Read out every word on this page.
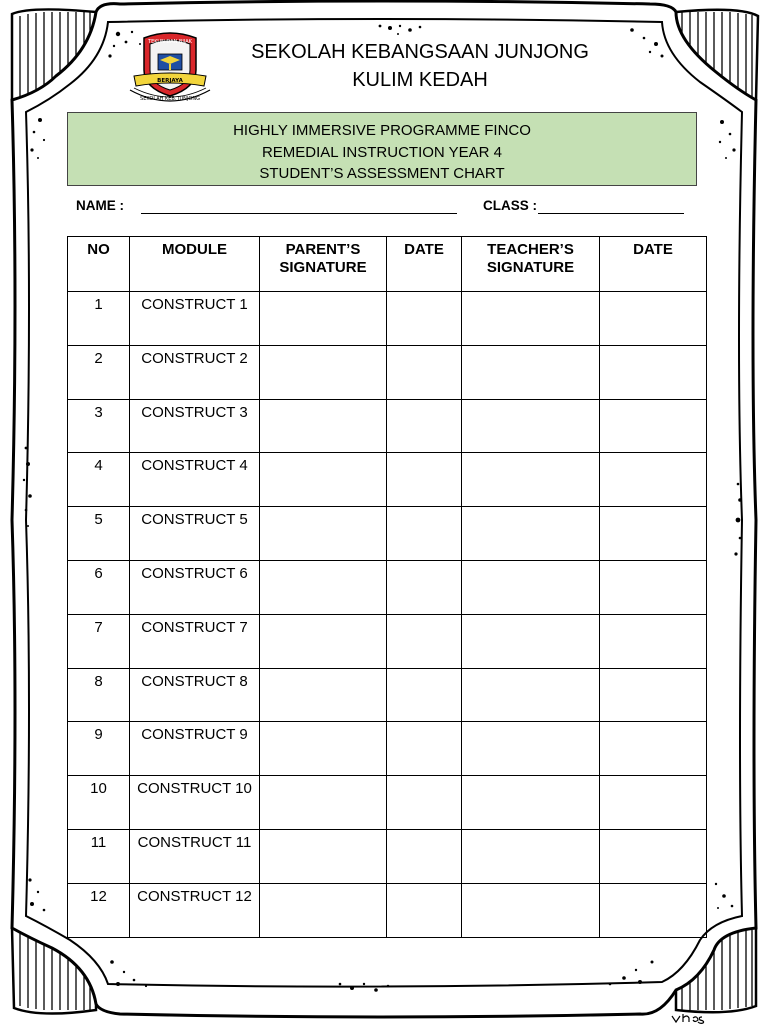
TEKUN DAN BIJAK
BERJAYA
SEKOLAH KEB. JUNJONG
SEKOLAH KEBANGSAAN JUNJONG
KULIM KEDAH
HIGHLY IMMERSIVE PROGRAMME FINCO
REMEDIAL INSTRUCTION YEAR 4
STUDENT’S ASSESSMENT CHART
NAME :	CLASS :
NO	MODULE	PARENT’S SIGNATURE	DATE	TEACHER’S SIGNATURE	DATE
1	CONSTRUCT 1				
2	CONSTRUCT 2				
3	CONSTRUCT 3				
4	CONSTRUCT 4				
5	CONSTRUCT 5				
6	CONSTRUCT 6				
7	CONSTRUCT 7				
8	CONSTRUCT 8				
9	CONSTRUCT 9				
10	CONSTRUCT 10				
11	CONSTRUCT 11				
12	CONSTRUCT 12				
